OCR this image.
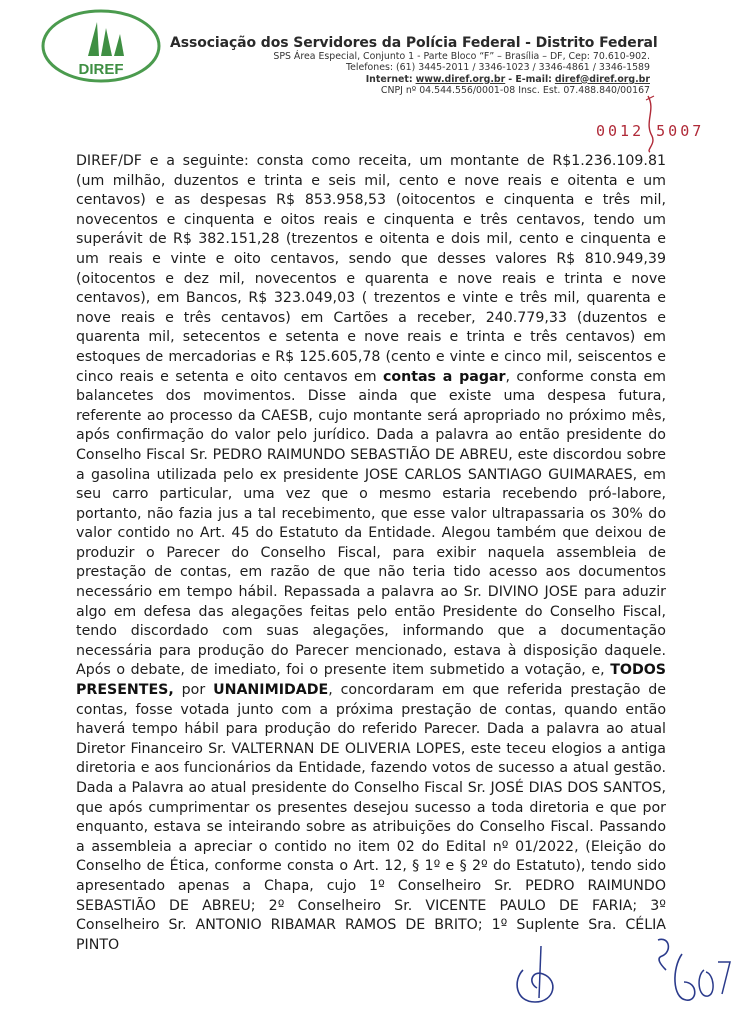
DIREF
Associação dos Servidores da Polícia Federal - Distrito Federal
SPS Área Especial, Conjunto 1 - Parte Bloco “F” – Brasília – DF, Cep: 70.610-902.
Telefones: (61) 3445-2011 / 3346-1023 / 3346-4861 / 3346-1589
Internet: www.diref.org.br - E-mail: diref@diref.org.br
CNPJ nº 04.544.556/0001-08 Insc. Est. 07.488.840/00167
0012 5007

DIREF/DF e a seguinte: consta como receita, um montante de R$1.236.109.81 (um milhão, duzentos e trinta e seis mil, cento e nove reais e oitenta e um centavos) e as despesas R$ 853.958,53 (oitocentos e cinquenta e três mil, novecentos e cinquenta e oitos reais e cinquenta e três centavos, tendo um superávit de R$ 382.151,28 (trezentos e oitenta e dois mil, cento e cinquenta e um reais e vinte e oito centavos, sendo que desses valores R$ 810.949,39 (oitocentos e dez mil, novecentos e quarenta e nove reais e trinta e nove centavos), em Bancos, R$ 323.049,03 ( trezentos e vinte e três mil, quarenta e nove reais e três centavos) em Cartões a receber, 240.779,33 (duzentos e quarenta mil, setecentos e setenta e nove reais e trinta e três centavos) em estoques de mercadorias e R$ 125.605,78 (cento e vinte e cinco mil, seiscentos e cinco reais e setenta e oito centavos em contas a pagar, conforme consta em balancetes dos movimentos. Disse ainda que existe uma despesa futura, referente ao processo da CAESB, cujo montante será apropriado no próximo mês, após confirmação do valor pelo jurídico. Dada a palavra ao então presidente do Conselho Fiscal Sr. PEDRO RAIMUNDO SEBASTIÃO DE ABREU, este discordou sobre a gasolina utilizada pelo ex presidente JOSE CARLOS SANTIAGO GUIMARAES, em seu carro particular, uma vez que o mesmo estaria recebendo pró-labore, portanto, não fazia jus a tal recebimento, que esse valor ultrapassaria os 30% do valor contido no Art. 45 do Estatuto da Entidade. Alegou também que deixou de produzir o Parecer do Conselho Fiscal, para exibir naquela assembleia de prestação de contas, em razão de que não teria tido acesso aos documentos necessário em tempo hábil. Repassada a palavra ao Sr. DIVINO JOSE para aduzir algo em defesa das alegações feitas pelo então Presidente do Conselho Fiscal, tendo discordado com suas alegações, informando que a documentação necessária para produção do Parecer mencionado, estava à disposição daquele. Após o debate, de imediato, foi o presente item submetido a votação, e, TODOS PRESENTES, por UNANIMIDADE, concordaram em que referida prestação de contas, fosse votada junto com a próxima prestação de contas, quando então haverá tempo hábil para produção do referido Parecer. Dada a palavra ao atual Diretor Financeiro Sr. VALTERNAN DE OLIVERIA LOPES, este teceu elogios a antiga diretoria e aos funcionários da Entidade, fazendo votos de sucesso a atual gestão. Dada a Palavra ao atual presidente do Conselho Fiscal Sr. JOSÉ DIAS DOS SANTOS, que após cumprimentar os presentes desejou sucesso a toda diretoria e que por enquanto, estava se inteirando sobre as atribuições do Conselho Fiscal. Passando a assembleia a apreciar o contido no item 02 do Edital nº 01/2022, (Eleição do Conselho de Ética, conforme consta o Art. 12, § 1º e § 2º do Estatuto), tendo sido apresentado apenas a Chapa, cujo 1º Conselheiro Sr. PEDRO RAIMUNDO SEBASTIÃO DE ABREU; 2º Conselheiro Sr. VICENTE PAULO DE FARIA; 3º Conselheiro Sr. ANTONIO RIBAMAR RAMOS DE BRITO; 1º Suplente Sra. CÉLIA PINTO
